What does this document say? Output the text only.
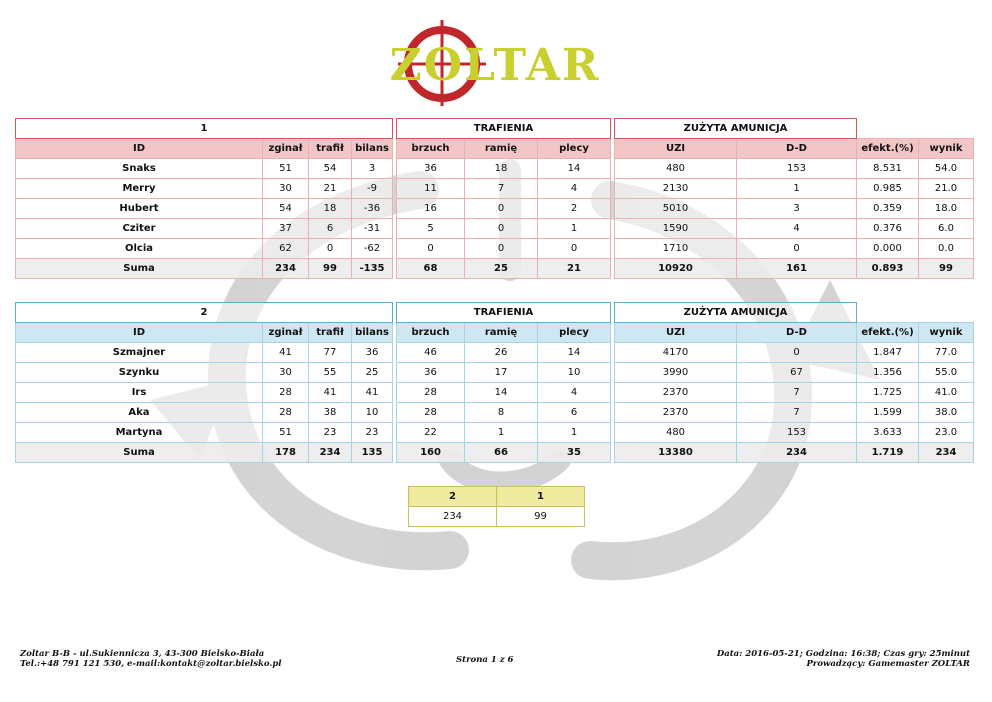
ZOLTAR
1					TRAFIENIA				ZUŻYTA AMUNICJA			
ID	zginał	trafił	bilans		brzuch	ramię	plecy		UZI	D-D	efekt.(%)	wynik
Snaks	51	54	3		36	18	14		480	153	8.531	54.0
Merry	30	21	-9		11	7	4		2130	1	0.985	21.0
Hubert	54	18	-36		16	0	2		5010	3	0.359	18.0
Cziter	37	6	-31		5	0	1		1590	4	0.376	6.0
Olcia	62	0	-62		0	0	0		1710	0	0.000	0.0
Suma	234	99	-135		68	25	21		10920	161	0.893	99
2					TRAFIENIA				ZUŻYTA AMUNICJA			
ID	zginał	trafił	bilans		brzuch	ramię	plecy		UZI	D-D	efekt.(%)	wynik
Szmajner	41	77	36		46	26	14		4170	0	1.847	77.0
Szynku	30	55	25		36	17	10		3990	67	1.356	55.0
Irs	28	41	41		28	14	4		2370	7	1.725	41.0
Aka	28	38	10		28	8	6		2370	7	1.599	38.0
Martyna	51	23	23		22	1	1		480	153	3.633	23.0
Suma	178	234	135		160	66	35		13380	234	1.719	234
2	1
234	99
Zoltar B-B - ul.Sukienniczа 3, 43-300 Bielsko-Biała
Tel.:+48 791 121 530, e-mail:kontakt@zoltar.bielsko.pl	Strona 1 z 6
Data: 2016-05-21; Godzina: 16:38; Czas gry: 25minut
Prowadzący: Gamemaster ZOLTAR
